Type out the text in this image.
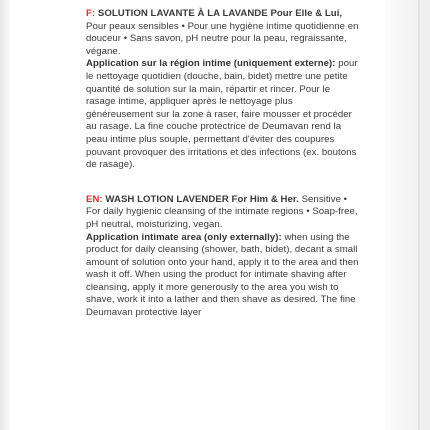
F: SOLUTION LAVANTE À LA LAVANDE Pour Elle & Lui, Pour peaux sensibles • Pour une hygiène intime quotidienne en douceur • Sans savon, pH neutre pour la peau, regraissante, végane.
Application sur la région intime (uniquement externe): pour le nettoyage quotidien (douche, bain, bidet) mettre une petite quantité de solution sur la main, répartir et rincer. Pour le rasage intime, appliquer après le nettoyage plus généreusement sur la zone à raser, faire mousser et procéder au rasage. La fine couche protectrice de Deumavan rend la peau intime plus souple, permettant d'éviter des coupures pouvant provoquer des irritations et des infections (ex. boutons de rasage).

EN: WASH LOTION LAVENDER For Him & Her. Sensitive • For daily hygienic cleansing of the intimate regions • Soap-free, pH neutral, moisturizing, vegan.
Application intimate area (only externally): when using the product for daily cleansing (shower, bath, bidet), decant a small amount of solution onto your hand, apply it to the area and then wash it off. When using the product for intimate shaving after cleansing, apply it more generously to the area you wish to shave, work it into a lather and then shave as desired. The fine Deumavan protective layer
